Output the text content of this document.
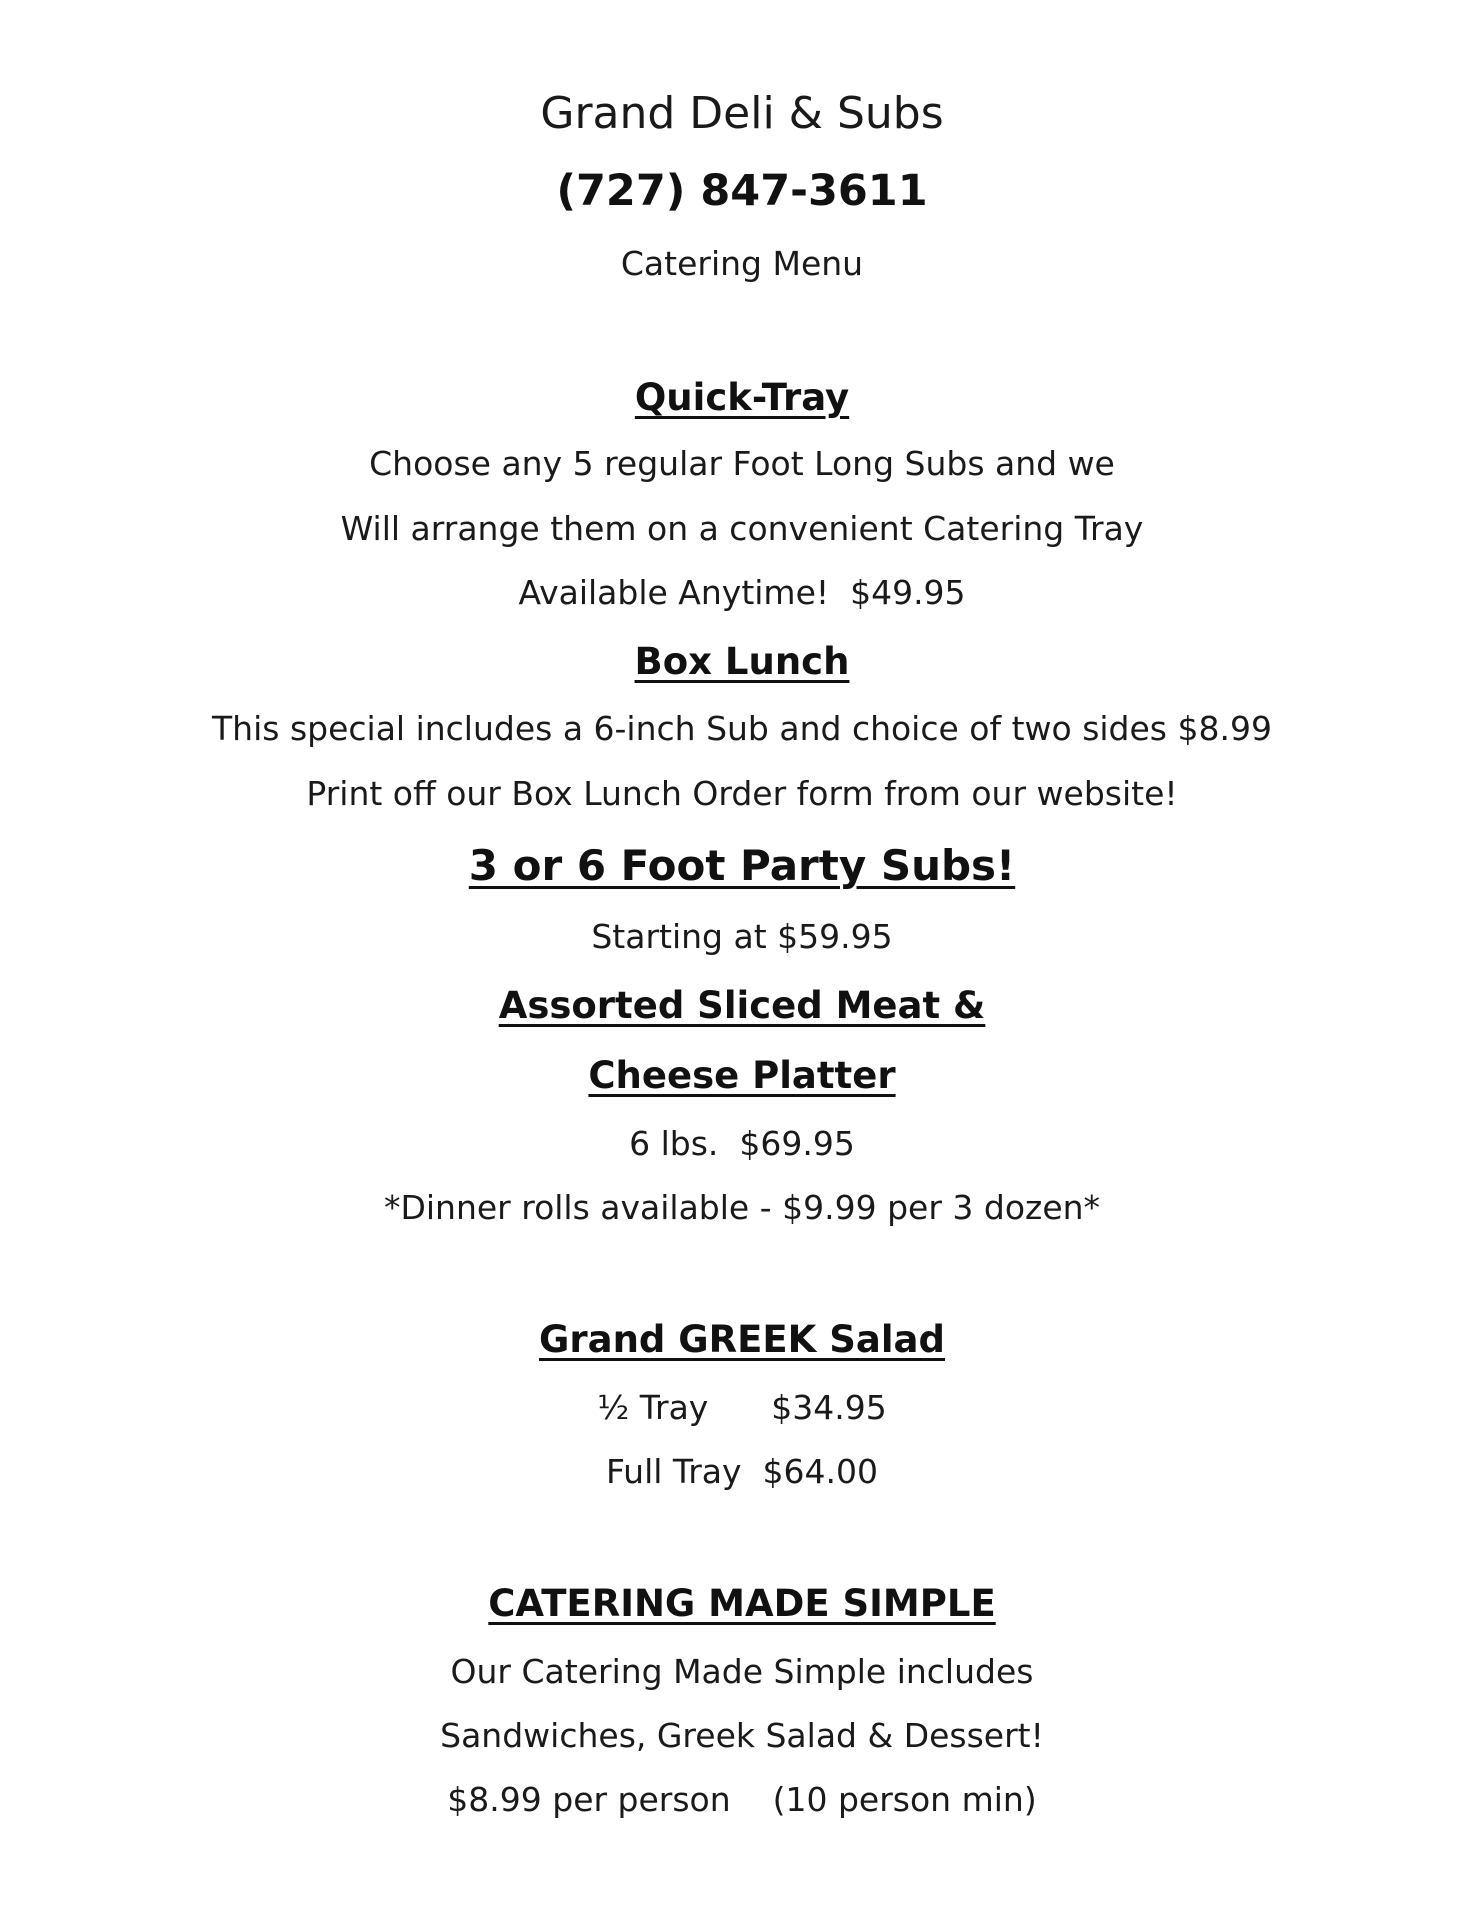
Grand Deli & Subs
(727) 847-3611
Catering Menu
Quick-Tray
Choose any 5 regular Foot Long Subs and we
Will arrange them on a convenient Catering Tray
Available Anytime!  $49.95
Box Lunch
This special includes a 6-inch Sub and choice of two sides $8.99
Print off our Box Lunch Order form from our website!
3 or 6 Foot Party Subs!
Starting at $59.95
Assorted Sliced Meat &
Cheese Platter
6 lbs.  $69.95
*Dinner rolls available - $9.99 per 3 dozen*
Grand GREEK Salad
½ Tray      $34.95
Full Tray  $64.00
CATERING MADE SIMPLE
Our Catering Made Simple includes
Sandwiches, Greek Salad & Dessert!
$8.99 per person    (10 person min)
